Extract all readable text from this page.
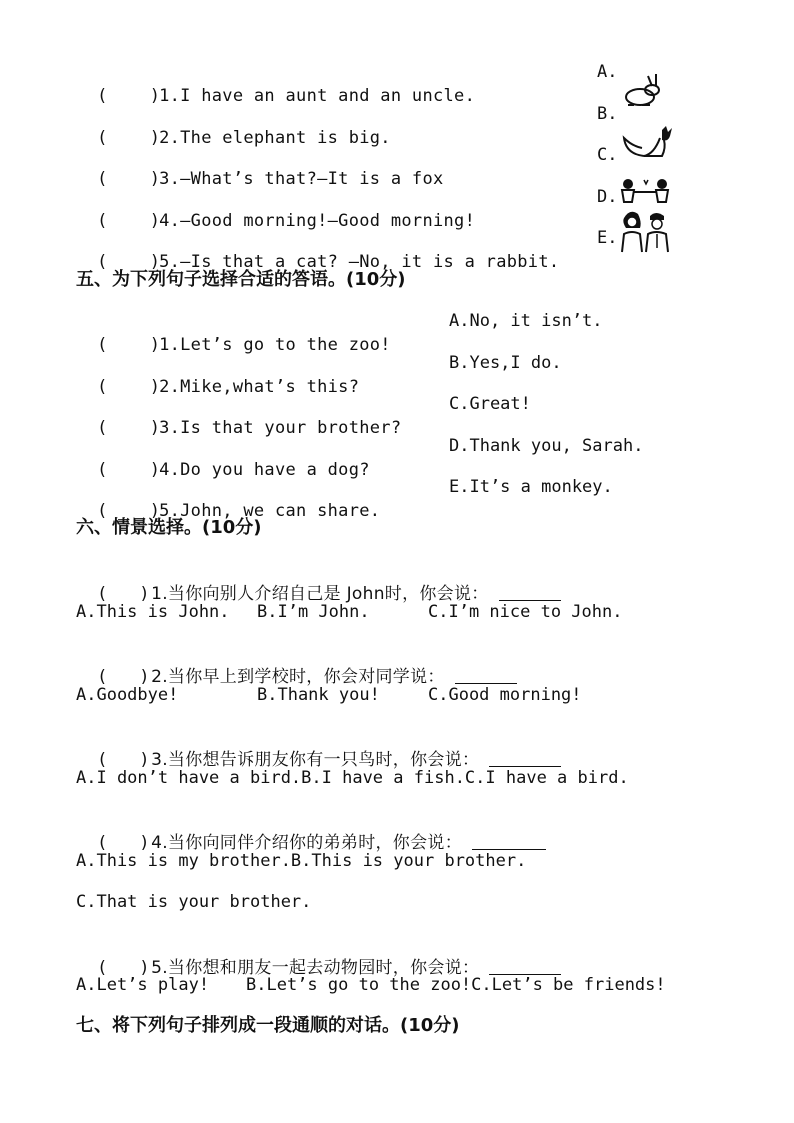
(    )1.I have an aunt and an uncle.

A.

(    )2.The elephant is big.

B.

(    )3.—What’s that?—It is a fox

C.

(    )4.—Good morning!—Good morning!

D.

(    )5.—Is that a cat? —No, it is a rabbit.

E.
五、为下列句子选择合适的答语。(10分)

(    )1.Let’s go to the zoo!

A.No, it isn’t.

(    )2.Mike,what’s this?

B.Yes,I do.

(    )3.Is that your brother?

C.Great!

(    )4.Do you have a dog?

D.Thank you, Sarah.

(    )5.John, we can share.

E.It’s a monkey.
六、情景选择。(10分)

(   )1.当你向别人介绍自己是 John时，你会说：

A.This is John. B.I’m John.	C.I’m nice to John.

(   )2.当你早上到学校时，你会对同学说：

A.Goodbye!	B.Thank you!	C.Good morning!

(   )3.当你想告诉朋友你有一只鸟时，你会说：

A.I don’t have a bird.B.I have a fish.C.I have a bird.

(   )4.当你向同伴介绍你的弟弟时，你会说：

A.This is my brother.B.This is your brother.
C.That is your brother.

(   )5.当你想和朋友一起去动物园时，你会说：

A.Let’s play! B.Let’s go to the zoo!C.Let’s be friends!
七、将下列句子排列成一段通顺的对话。(10分)
